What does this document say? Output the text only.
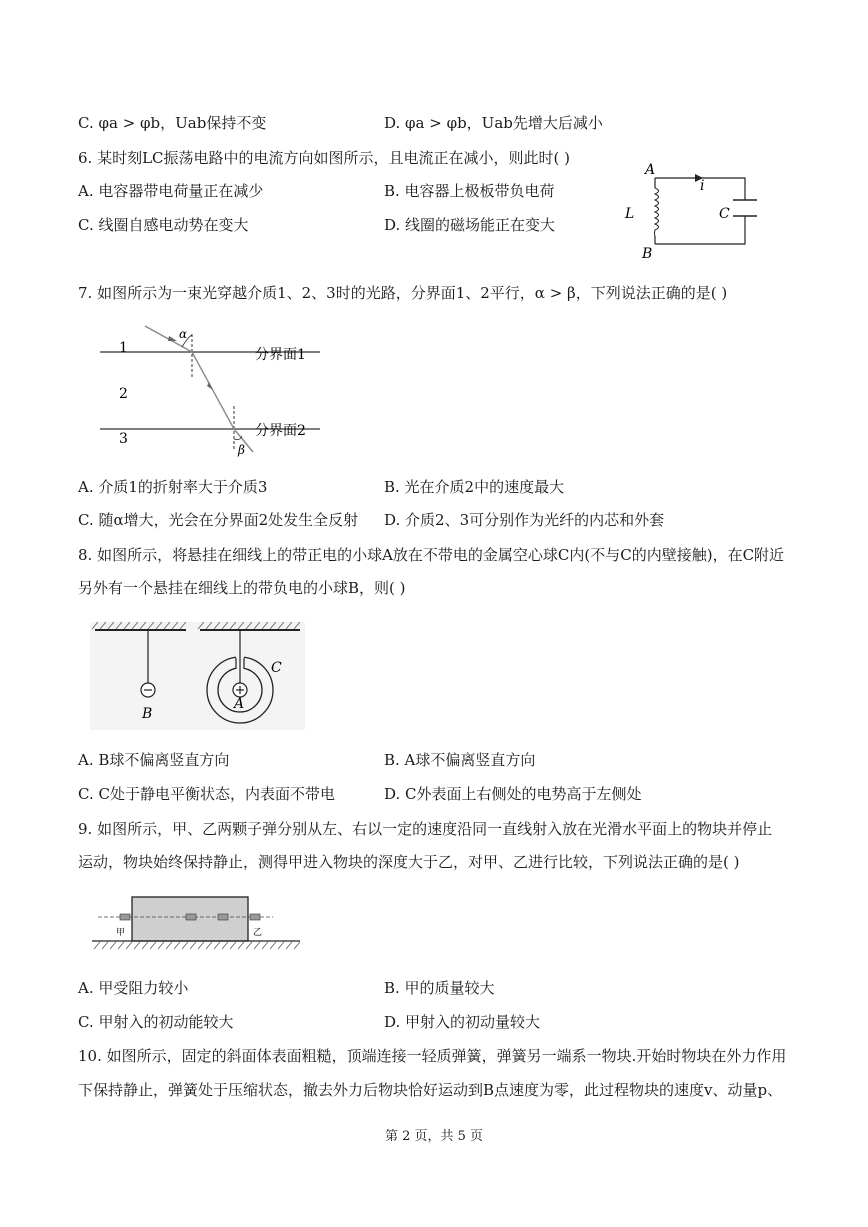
C. φa > φb，Uab保持不变	D. φa > φb，Uab先增大后减小
6. 某时刻LC振荡电路中的电流方向如图所示，且电流正在减小，则此时( )
A. 电容器带电荷量正在减少	B. 电容器上极板带负电荷
C. 线圈自感电动势在变大	D. 线圈的磁场能正在变大
A
B
L	C
i
7. 如图所示为一束光穿越介质1、2、3时的光路，分界面1、2平行，α > β，下列说法正确的是( )
1
2
3
分界面1
分界面2
α
β
A. 介质1的折射率大于介质3	B. 光在介质2中的速度最大
C. 随α增大，光会在分界面2处发生全反射 D. 介质2、3可分别作为光纤的内芯和外套
8. 如图所示，将悬挂在细线上的带正电的小球A放在不带电的金属空心球C内(不与C的内壁接触)，在C附近
另外有一个悬挂在细线上的带负电的小球B，则( )
B
A
C
A. B球不偏离竖直方向	B. A球不偏离竖直方向
C. C处于静电平衡状态，内表面不带电	D. C外表面上右侧处的电势高于左侧处
9. 如图所示，甲、乙两颗子弹分别从左、右以一定的速度沿同一直线射入放在光滑水平面上的物块并停止
运动，物块始终保持静止，测得甲进入物块的深度大于乙，对甲、乙进行比较，下列说法正确的是( )
甲	乙
A. 甲受阻力较小	B. 甲的质量较大
C. 甲射入的初动能较大	D. 甲射入的初动量较大
10. 如图所示，固定的斜面体表面粗糙，顶端连接一轻质弹簧，弹簧另一端系一物块.开始时物块在外力作用
下保持静止，弹簧处于压缩状态，撤去外力后物块恰好运动到B点速度为零，此过程物块的速度v、动量p、
第 2 页，共 5 页
